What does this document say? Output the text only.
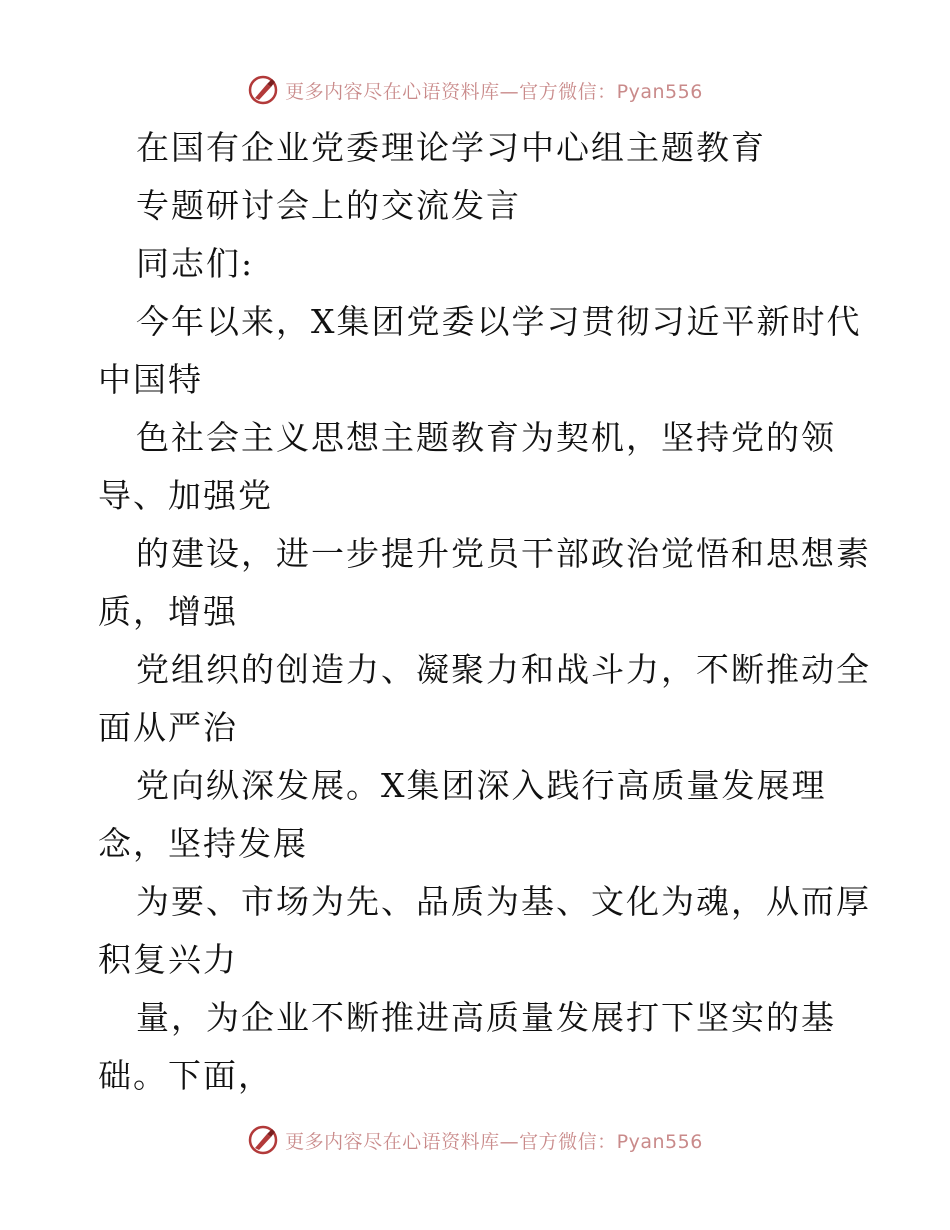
更多内容尽在心语资料库—官方微信：Pyan556
在国有企业党委理论学习中心组主题教育
专题研讨会上的交流发言
同志们:
今年以来，X集团党委以学习贯彻习近平新时代
中国特
色社会主义思想主题教育为契机，坚持党的领
导、加强党
的建设，进一步提升党员干部政治觉悟和思想素
质，增强
党组织的创造力、凝聚力和战斗力，不断推动全
面从严治
党向纵深发展。X集团深入践行高质量发展理
念，坚持发展
为要、市场为先、品质为基、文化为魂，从而厚
积复兴力
量，为企业不断推进高质量发展打下坚实的基
础。下面，
更多内容尽在心语资料库—官方微信：Pyan556
